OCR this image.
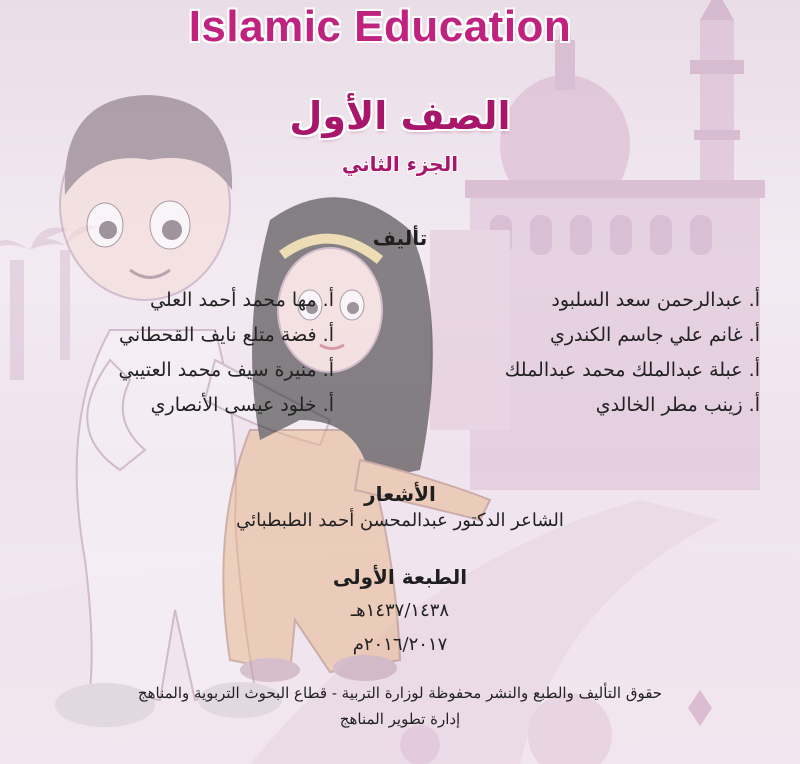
Islamic Education
الصف الأول
الجزء الثاني
تأليف
أ. عبدالرحمن سعد السلبود
أ. غانم علي جاسم الكندري
أ. عبلة عبدالملك محمد عبدالملك
أ. زينب مطر الخالدي
أ. مها محمد أحمد العلي
أ. فضة متلع نايف القحطاني
أ. منيرة سيف محمد العتيبي
أ. خلود عيسى الأنصاري
الأشعار
الشاعر الدكتور عبدالمحسن أحمد الطبطبائي
الطبعة الأولى
١٤٣٧/١٤٣٨هـ
٢٠١٦/٢٠١٧م
حقوق التأليف والطبع والنشر محفوظة لوزارة التربية - قطاع البحوث التربوية والمناهج
إدارة تطوير المناهج
